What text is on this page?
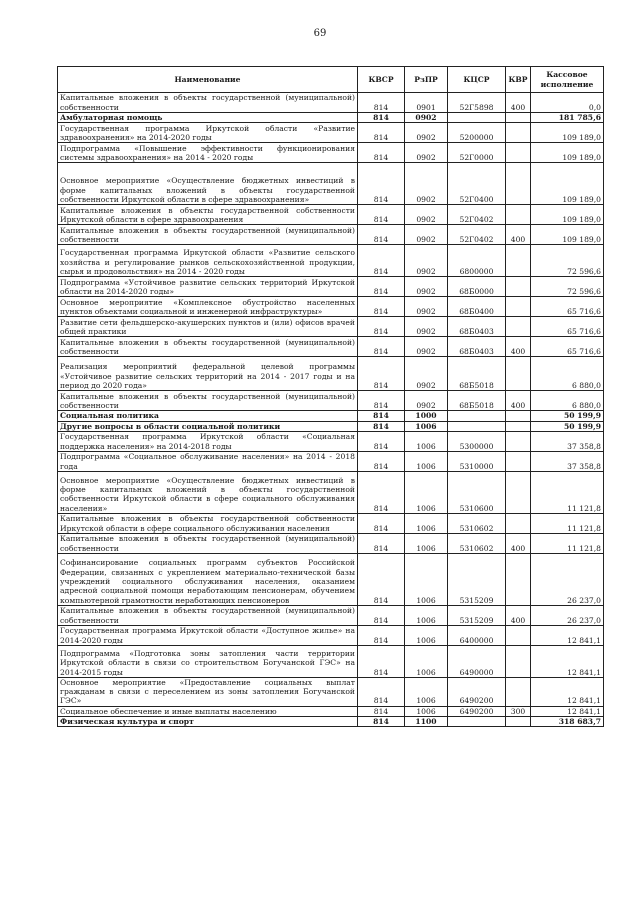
69
Наименование	КВСР	РзПР	КЦСР	КВР	Кассовое исполнение
Капитальные вложения в объекты государственной (муниципальной) собственности	814	0901	52Г5898	400	0,0
Амбулаторная помощь	814	0902			181 785,6
Государственная программа Иркутской области «Развитие здравоохранения» на 2014-2020 годы	814	0902	5200000		109 189,0
Подпрограмма «Повышение эффективности функционирования системы здравоохранения» на 2014 - 2020 годы	814	0902	52Г0000		109 189,0
Основное мероприятие «Осуществление бюджетных инвестиций в форме капитальных вложений в объекты государственной собственности Иркутской области в сфере здравоохранения»	814	0902	52Г0400		109 189,0
Капитальные вложения в объекты государственной собственности Иркутской области в сфере здравоохранения	814	0902	52Г0402		109 189,0
Капитальные вложения в объекты государственной (муниципальной) собственности	814	0902	52Г0402	400	109 189,0
Государственная программа Иркутской области «Развитие сельского хозяйства и регулирование рынков сельскохозяйственной продукции, сырья и продовольствия» на 2014 - 2020 годы	814	0902	6800000		72 596,6
Подпрограмма «Устойчивое развитие сельских территорий Иркутской области на 2014-2020 годы»	814	0902	68Б0000		72 596,6
Основное мероприятие «Комплексное обустройство населенных пунктов объектами социальной и инженерной инфраструктуры»	814	0902	68Б0400		65 716,6
Развитие сети фельдшерско-акушерских пунктов и (или) офисов врачей общей практики	814	0902	68Б0403		65 716,6
Капитальные вложения в объекты государственной (муниципальной) собственности	814	0902	68Б0403	400	65 716,6
Реализация мероприятий федеральной целевой программы «Устойчивое развитие сельских территорий на 2014 - 2017 годы и на период до 2020 года»	814	0902	68Б5018		6 880,0
Капитальные вложения в объекты государственной (муниципальной) собственности	814	0902	68Б5018	400	6 880,0
Социальная политика	814	1000			50 199,9
Другие вопросы в области социальной политики	814	1006			50 199,9
Государственная программа Иркутской области «Социальная поддержка населения» на 2014-2018 годы	814	1006	5300000		37 358,8
Подпрограмма «Социальное обслуживание населения» на 2014 - 2018 года	814	1006	5310000		37 358,8
Основное мероприятие «Осуществление бюджетных инвестиций в форме капитальных вложений в объекты государственной собственности Иркутской области в сфере социального обслуживания населения»	814	1006	5310600		11 121,8
Капитальные вложения в объекты государственной собственности Иркутской области в сфере социального обслуживания населения	814	1006	5310602		11 121,8
Капитальные вложения в объекты государственной (муниципальной) собственности	814	1006	5310602	400	11 121,8
Софинансирование социальных программ субъектов Российской Федерации, связанных с укреплением материально-технической базы учреждений социального обслуживания населения, оказанием адресной социальной помощи неработающим пенсионерам, обучением компьютерной грамотности неработающих пенсионеров	814	1006	5315209		26 237,0
Капитальные вложения в объекты государственной (муниципальной) собственности	814	1006	5315209	400	26 237,0
Государственная программа Иркутской области «Доступное жилье» на 2014-2020 годы	814	1006	6400000		12 841,1
Подпрограмма «Подготовка зоны затопления части территории Иркутской области в связи со строительством Богучанской ГЭС» на 2014-2015 годы	814	1006	6490000		12 841,1
Основное мероприятие «Предоставление социальных выплат гражданам в связи с переселением из зоны затопления Богучанской ГЭС»	814	1006	6490200		12 841,1
Социальное обеспечение и иные выплаты населению	814	1006	6490200	300	12 841,1
Физическая культура и спорт	814	1100			318 683,7
